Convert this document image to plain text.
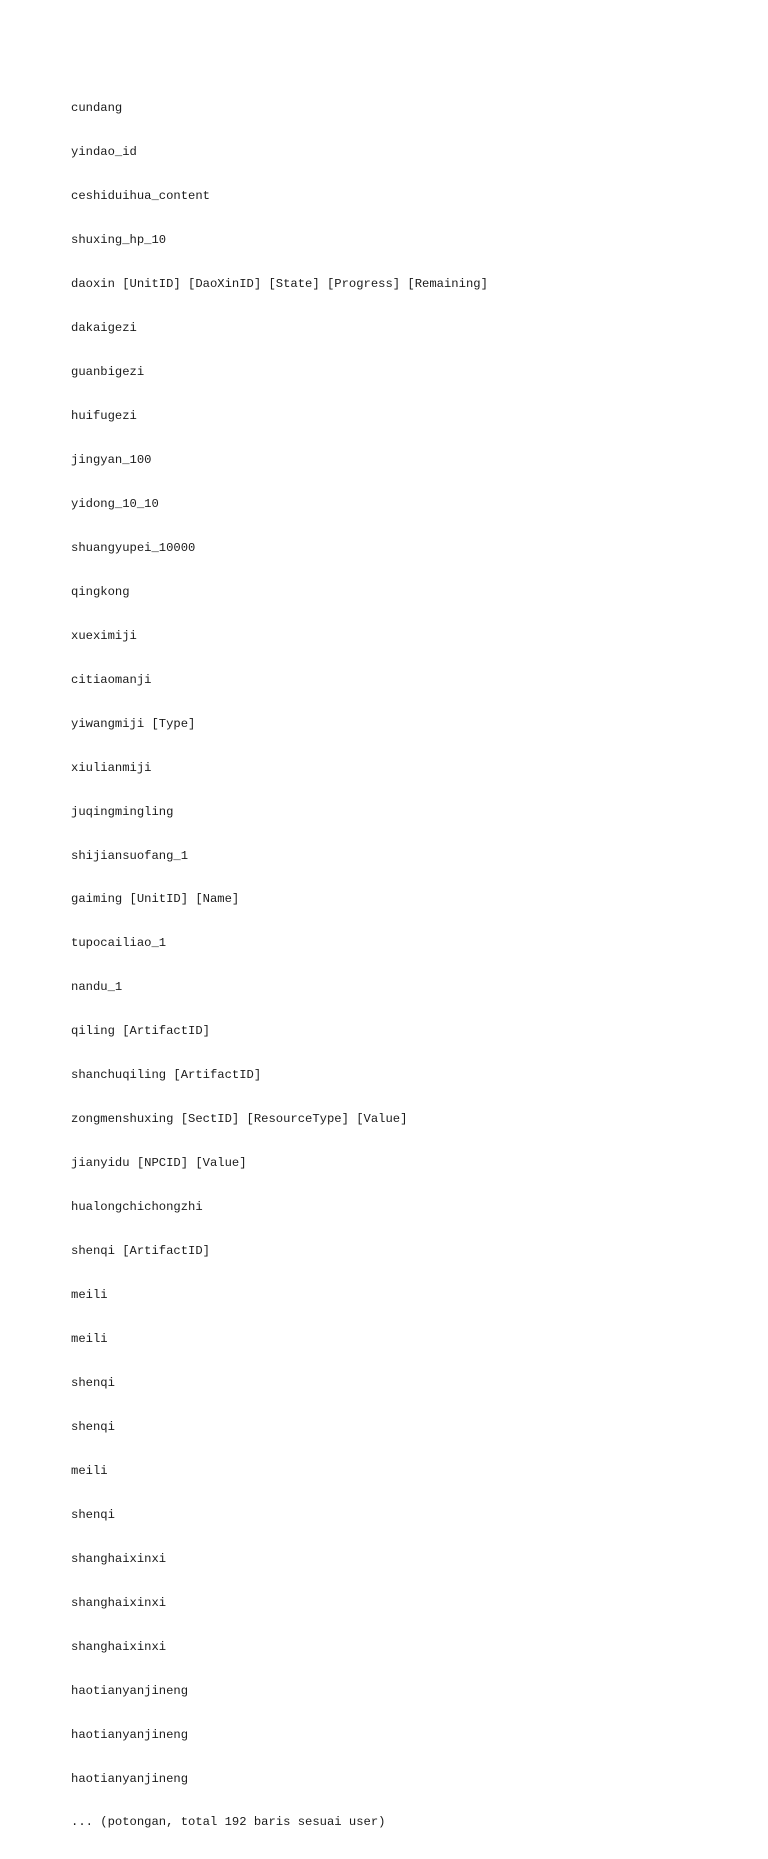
cundang

yindao_id

ceshiduihua_content

shuxing_hp_10

daoxin [UnitID] [DaoXinID] [State] [Progress] [Remaining]

dakaigezi

guanbigezi

huifugezi

jingyan_100

yidong_10_10

shuangyupei_10000

qingkong

xueximiji

citiaomanji

yiwangmiji [Type]

xiulianmiji

juqingmingling

shijiansuofang_1

gaiming [UnitID] [Name]

tupocailiao_1

nandu_1

qiling [ArtifactID]

shanchuqiling [ArtifactID]

zongmenshuxing [SectID] [ResourceType] [Value]

jianyidu [NPCID] [Value]

hualongchichongzhi

shenqi [ArtifactID]

meili

meili

shenqi

shenqi

meili

shenqi

shanghaixinxi

shanghaixinxi

shanghaixinxi

haotianyanjineng

haotianyanjineng

haotianyanjineng

... (potongan, total 192 baris sesuai user)
